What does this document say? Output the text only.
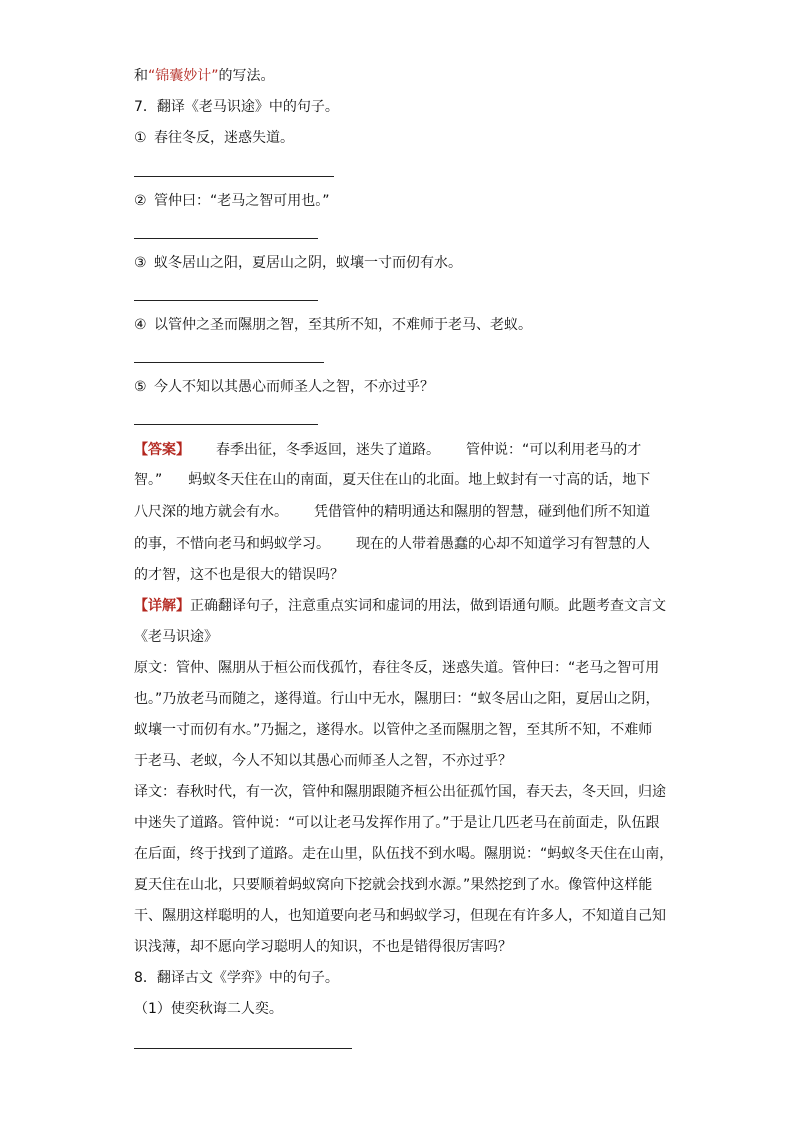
和“锦囊妙计”的写法。
7．翻译《老马识途》中的句子。
① 春往冬反，迷惑失道。
② 管仲曰：“老马之智可用也。”
③ 蚁冬居山之阳，夏居山之阴，蚁壤一寸而仞有水。
④ 以管仲之圣而隰朋之智，至其所不知，不难师于老马、老蚁。
⑤ 今人不知以其愚心而师圣人之智，不亦过乎？
【答案】 春季出征，冬季返回，迷失了道路。 管仲说：“可以利用老马的才
智。” 蚂蚁冬天住在山的南面，夏天住在山的北面。地上蚁封有一寸高的话，地下
八尺深的地方就会有水。 凭借管仲的精明通达和隰朋的智慧，碰到他们所不知道
的事，不惜向老马和蚂蚁学习。 现在的人带着愚蠢的心却不知道学习有智慧的人
的才智，这不也是很大的错误吗？
【详解】正确翻译句子，注意重点实词和虚词的用法，做到语通句顺。此题考查文言文
《老马识途》
原文：管仲、隰朋从于桓公而伐孤竹，春往冬反，迷惑失道。管仲曰：“老马之智可用
也。”乃放老马而随之，遂得道。行山中无水，隰朋曰：“蚁冬居山之阳，夏居山之阴，
蚁壤一寸而仞有水。”乃掘之，遂得水。以管仲之圣而隰朋之智，至其所不知，不难师
于老马、老蚁，今人不知以其愚心而师圣人之智，不亦过乎？
译文：春秋时代，有一次，管仲和隰朋跟随齐桓公出征孤竹国，春天去，冬天回，归途
中迷失了道路。管仲说：“可以让老马发挥作用了。”于是让几匹老马在前面走，队伍跟
在后面，终于找到了道路。走在山里，队伍找不到水喝。隰朋说：“蚂蚁冬天住在山南，
夏天住在山北，只要顺着蚂蚁窝向下挖就会找到水源。”果然挖到了水。像管仲这样能
干、隰朋这样聪明的人，也知道要向老马和蚂蚁学习，但现在有许多人，不知道自己知
识浅薄，却不愿向学习聪明人的知识，不也是错得很厉害吗？
8．翻译古文《学弈》中的句子。
（1）使奕秋诲二人奕。
